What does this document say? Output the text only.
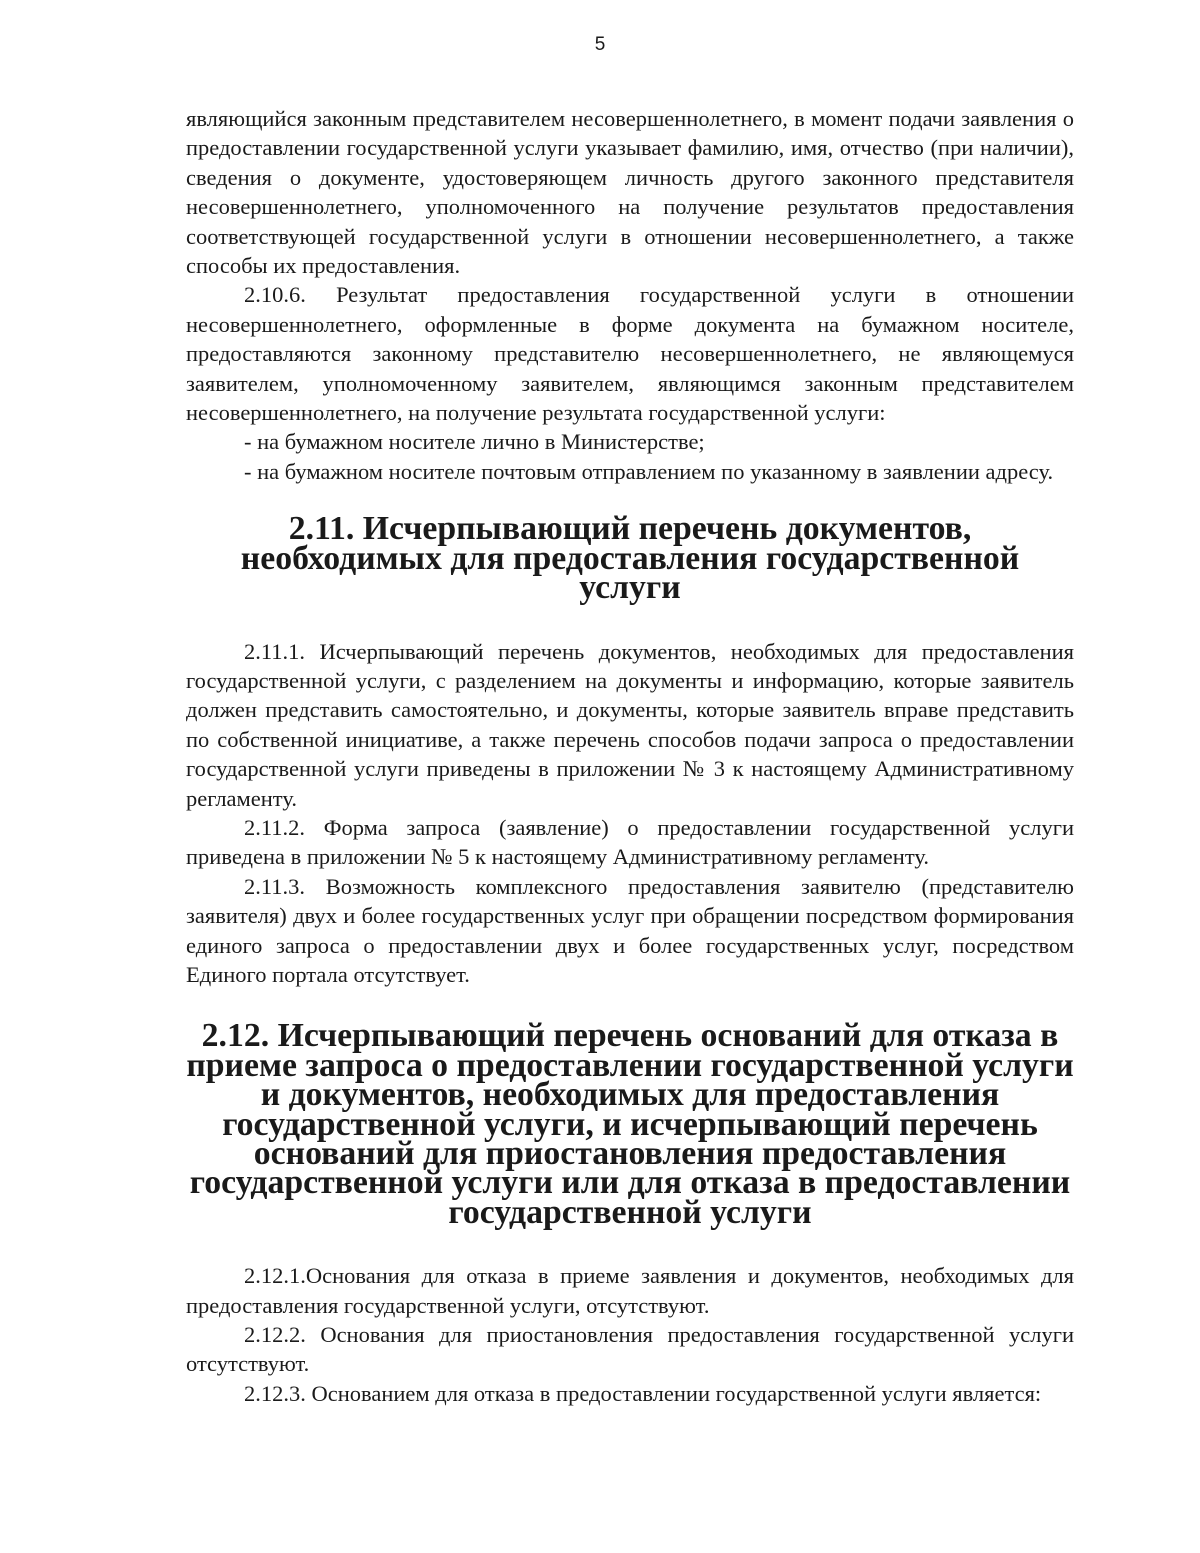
5

являющийся законным представителем несовершеннолетнего, в момент подачи заявления о предоставлении государственной услуги указывает фамилию, имя, отчество (при наличии), сведения о документе, удостоверяющем личность другого законного представителя несовершеннолетнего, уполномоченного на получение результатов предоставления соответствующей государственной услуги в отношении несовершеннолетнего, а также способы их предоставления.

2.10.6. Результат предоставления государственной услуги в отношении несовершеннолетнего, оформленные в форме документа на бумажном носителе, предоставляются законному представителю несовершеннолетнего, не являющемуся заявителем, уполномоченному заявителем, являющимся законным представителем несовершеннолетнего, на получение результата государственной услуги:

- на бумажном носителе лично в Министерстве;

- на бумажном носителе почтовым отправлением по указанному в заявлении адресу.

2.11. Исчерпывающий перечень документов, необходимых для предоставления государственной услуги

2.11.1. Исчерпывающий перечень документов, необходимых для предоставления государственной услуги, с разделением на документы и информацию, которые заявитель должен представить самостоятельно, и документы, которые заявитель вправе представить по собственной инициативе, а также перечень способов подачи запроса о предоставлении государственной услуги приведены в приложении № 3 к настоящему Административному регламенту.

2.11.2. Форма запроса (заявление) о предоставлении государственной услуги приведена в приложении № 5 к настоящему Административному регламенту.

2.11.3. Возможность комплексного предоставления заявителю (представителю заявителя) двух и более государственных услуг при обращении посредством формирования единого запроса о предоставлении двух и более государственных услуг, посредством Единого портала отсутствует.

2.12. Исчерпывающий перечень оснований для отказа в приеме запроса о предоставлении государственной услуги и документов, необходимых для предоставления государственной услуги, и исчерпывающий перечень оснований для приостановления предоставления государственной услуги или для отказа в предоставлении государственной услуги

2.12.1.Основания для отказа в приеме заявления и документов, необходимых для предоставления государственной услуги, отсутствуют.

2.12.2. Основания для приостановления предоставления государственной услуги отсутствуют.

2.12.3. Основанием для отказа в предоставлении государственной услуги является:
